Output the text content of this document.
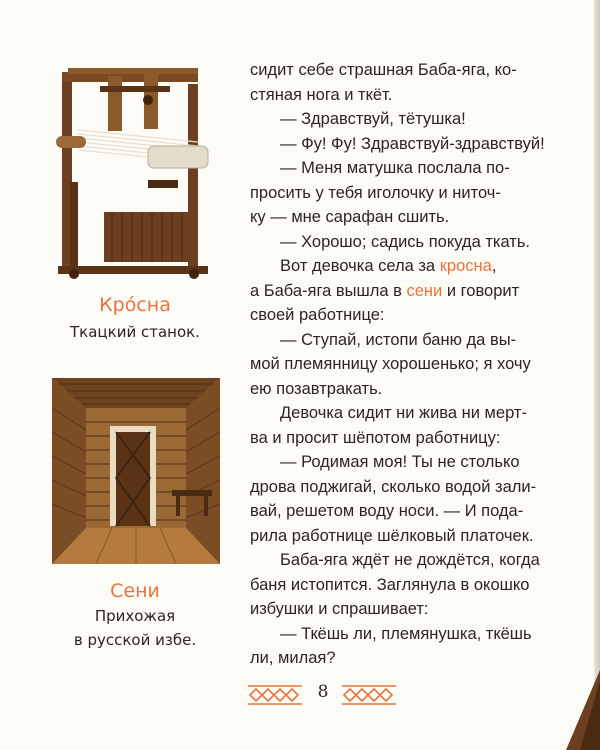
Кро́сна
Ткацкий станок.
Сени
Прихожая
в русской избе.

сидит себе страшная Баба-яга, ко-
стяная нога и ткёт.

— Здравствуй, тётушка!

— Фу! Фу! Здравствуй-здравствуй!

— Меня матушка послала по-
просить у тебя иголочку и ниточ-
ку — мне сарафан сшить.

— Хорошо; садись покуда ткать.

Вот девочка села за кросна,
а Баба-яга вышла в сени и говорит
своей работнице:

— Ступай, истопи баню да вы-
мой племянницу хорошенько; я хочу
ею позавтракать.

Девочка сидит ни жива ни мерт-
ва и просит шёпотом работницу:

— Родимая моя! Ты не столько
дрова поджигай, сколько водой зали-
вай, решетом воду носи. — И пода-
рила работнице шёлковый платочек.

Баба-яга ждёт не дождётся, когда
баня истопится. Заглянула в окошко
избушки и спрашивает:

— Ткёшь ли, племянушка, ткёшь
ли, милая?

8
